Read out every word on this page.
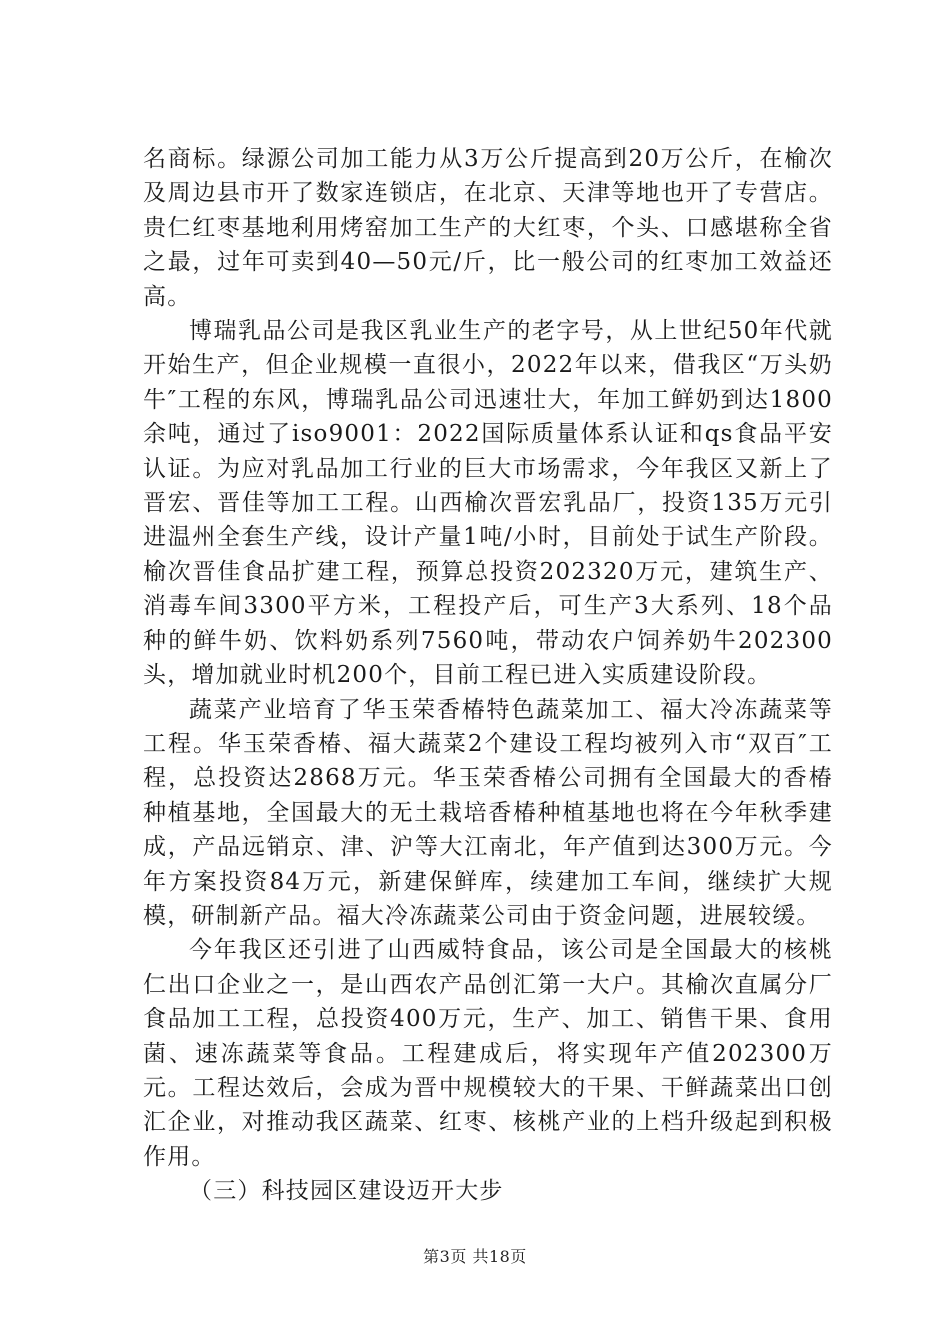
名商标。绿源公司加工能力从3万公斤提高到20万公斤，在榆次及周边县市开了数家连锁店，在北京、天津等地也开了专营店。贵仁红枣基地利用烤窑加工生产的大红枣，个头、口感堪称全省之最，过年可卖到40—50元/斤，比一般公司的红枣加工效益还高。

博瑞乳品公司是我区乳业生产的老字号，从上世纪50年代就开始生产，但企业规模一直很小，2022年以来，借我区“万头奶牛″工程的东风，博瑞乳品公司迅速壮大，年加工鲜奶到达1800余吨，通过了iso9001：2022国际质量体系认证和qs食品平安认证。为应对乳品加工行业的巨大市场需求，今年我区又新上了晋宏、晋佳等加工工程。山西榆次晋宏乳品厂，投资135万元引进温州全套生产线，设计产量1吨/小时，目前处于试生产阶段。榆次晋佳食品扩建工程，预算总投资202320万元，建筑生产、消毒车间3300平方米，工程投产后，可生产3大系列、18个品种的鲜牛奶、饮料奶系列7560吨，带动农户饲养奶牛202300头，增加就业时机200个，目前工程已进入实质建设阶段。

蔬菜产业培育了华玉荣香椿特色蔬菜加工、福大冷冻蔬菜等工程。华玉荣香椿、福大蔬菜2个建设工程均被列入市“双百″工程，总投资达2868万元。华玉荣香椿公司拥有全国最大的香椿种植基地，全国最大的无土栽培香椿种植基地也将在今年秋季建成，产品远销京、津、沪等大江南北，年产值到达300万元。今年方案投资84万元，新建保鲜库，续建加工车间，继续扩大规模，研制新产品。福大冷冻蔬菜公司由于资金问题，进展较缓。

今年我区还引进了山西威特食品，该公司是全国最大的核桃仁出口企业之一，是山西农产品创汇第一大户。其榆次直属分厂食品加工工程，总投资400万元，生产、加工、销售干果、食用菌、速冻蔬菜等食品。工程建成后，将实现年产值202300万元。工程达效后，会成为晋中规模较大的干果、干鲜蔬菜出口创汇企业，对推动我区蔬菜、红枣、核桃产业的上档升级起到积极作用。

（三）科技园区建设迈开大步

第3页 共18页
